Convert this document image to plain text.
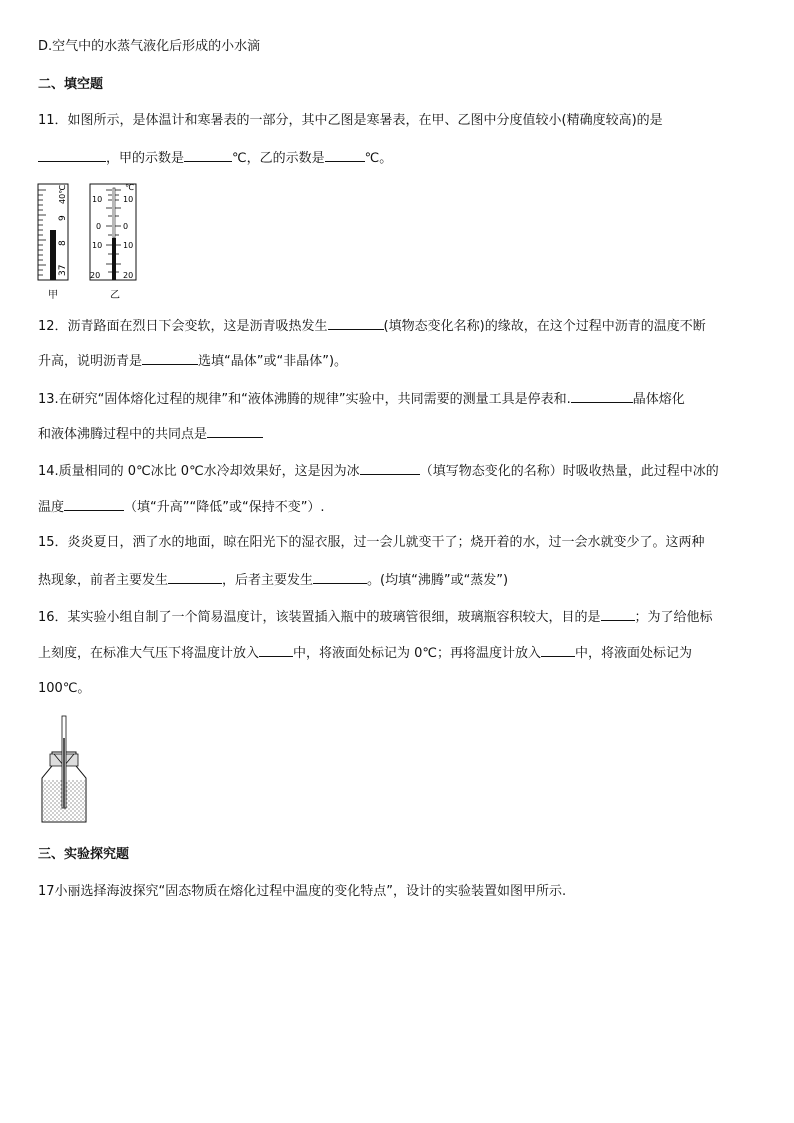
D.空气中的水蒸气液化后形成的小水滴
二、填空题
11．如图所示，是体温计和寒暑表的一部分，其中乙图是寒暑表，在甲、乙图中分度值较小(精确度较高)的是
，甲的示数是	℃，乙的示数是	℃。
37
8
9
40℃
甲
10
0
10
20
10
0
10
20
℃
乙
12．沥青路面在烈日下会变软，这是沥青吸热发生	(填物态变化名称)的缘故，在这个过程中沥青的温度不断
升高，说明沥青是	选填“晶体”或“非晶体”)。
13.在研究“固体熔化过程的规律”和“液体沸腾的规律”实验中，共同需要的测量工具是停表和.	晶体熔化
和液体沸腾过程中的共同点是
14.质量相同的 0℃冰比 0℃水冷却效果好，这是因为冰	（填写物态变化的名称）时吸收热量，此过程中冰的
温度	（填“升高”“降低”或“保持不变”）.
15．炎炎夏日，洒了水的地面，晾在阳光下的湿衣服，过一会儿就变干了；烧开着的水，过一会水就变少了。这两种
热现象，前者主要发生	，后者主要发生	。(均填“沸腾”或“蒸发”)
16．某实验小组自制了一个简易温度计，该装置插入瓶中的玻璃管很细，玻璃瓶容积较大，目的是	；为了给他标
上刻度，在标准大气压下将温度计放入	中，将液面处标记为 0℃；再将温度计放入	中，将液面处标记为
100℃。
三、实验探究题
17小丽选择海波探究“固态物质在熔化过程中温度的变化特点”，设计的实验装置如图甲所示.
